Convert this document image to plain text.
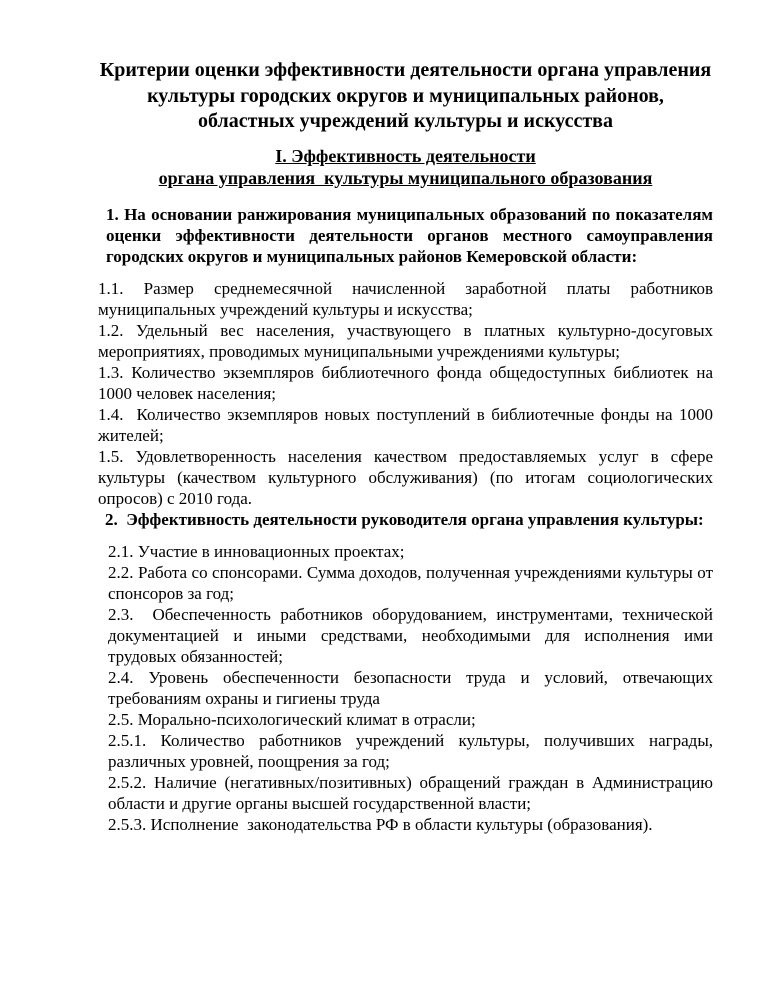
Критерии оценки эффективности деятельности органа управления культуры городских округов и муниципальных районов, областных учреждений культуры и искусства
I. Эффективность деятельности
органа управления  культуры муниципального образования

1. На основании ранжирования муниципальных образований по показателям оценки эффективности деятельности органов местного самоуправления городских округов и муниципальных районов Кемеровской области:

1.1. Размер среднемесячной начисленной заработной платы работников муниципальных учреждений культуры и искусства;

1.2. Удельный вес населения, участвующего в платных культурно-досуговых мероприятиях, проводимых муниципальными учреждениями культуры;

1.3. Количество экземпляров библиотечного фонда общедоступных библиотек на 1000 человек населения;

1.4.  Количество экземпляров новых поступлений в библиотечные фонды на 1000 жителей;

1.5. Удовлетворенность населения качеством предоставляемых услуг в сфере культуры (качеством культурного обслуживания) (по итогам социологических опросов) с 2010 года.

2.  Эффективность деятельности руководителя органа управления культуры:

2.1. Участие в инновационных проектах;

2.2. Работа со спонсорами. Сумма доходов, полученная учреждениями культуры от спонсоров за год;

2.3.  Обеспеченность работников оборудованием, инструментами, технической документацией и иными средствами, необходимыми для исполнения ими трудовых обязанностей;

2.4. Уровень обеспеченности безопасности труда и условий, отвечающих требованиям охраны и гигиены труда

2.5. Морально-психологический климат в отрасли;

2.5.1. Количество работников учреждений культуры, получивших награды, различных уровней, поощрения за год;

2.5.2. Наличие (негативных/позитивных) обращений граждан в Администрацию области и другие органы высшей государственной власти;

2.5.3. Исполнение  законодательства РФ в области культуры (образования).
